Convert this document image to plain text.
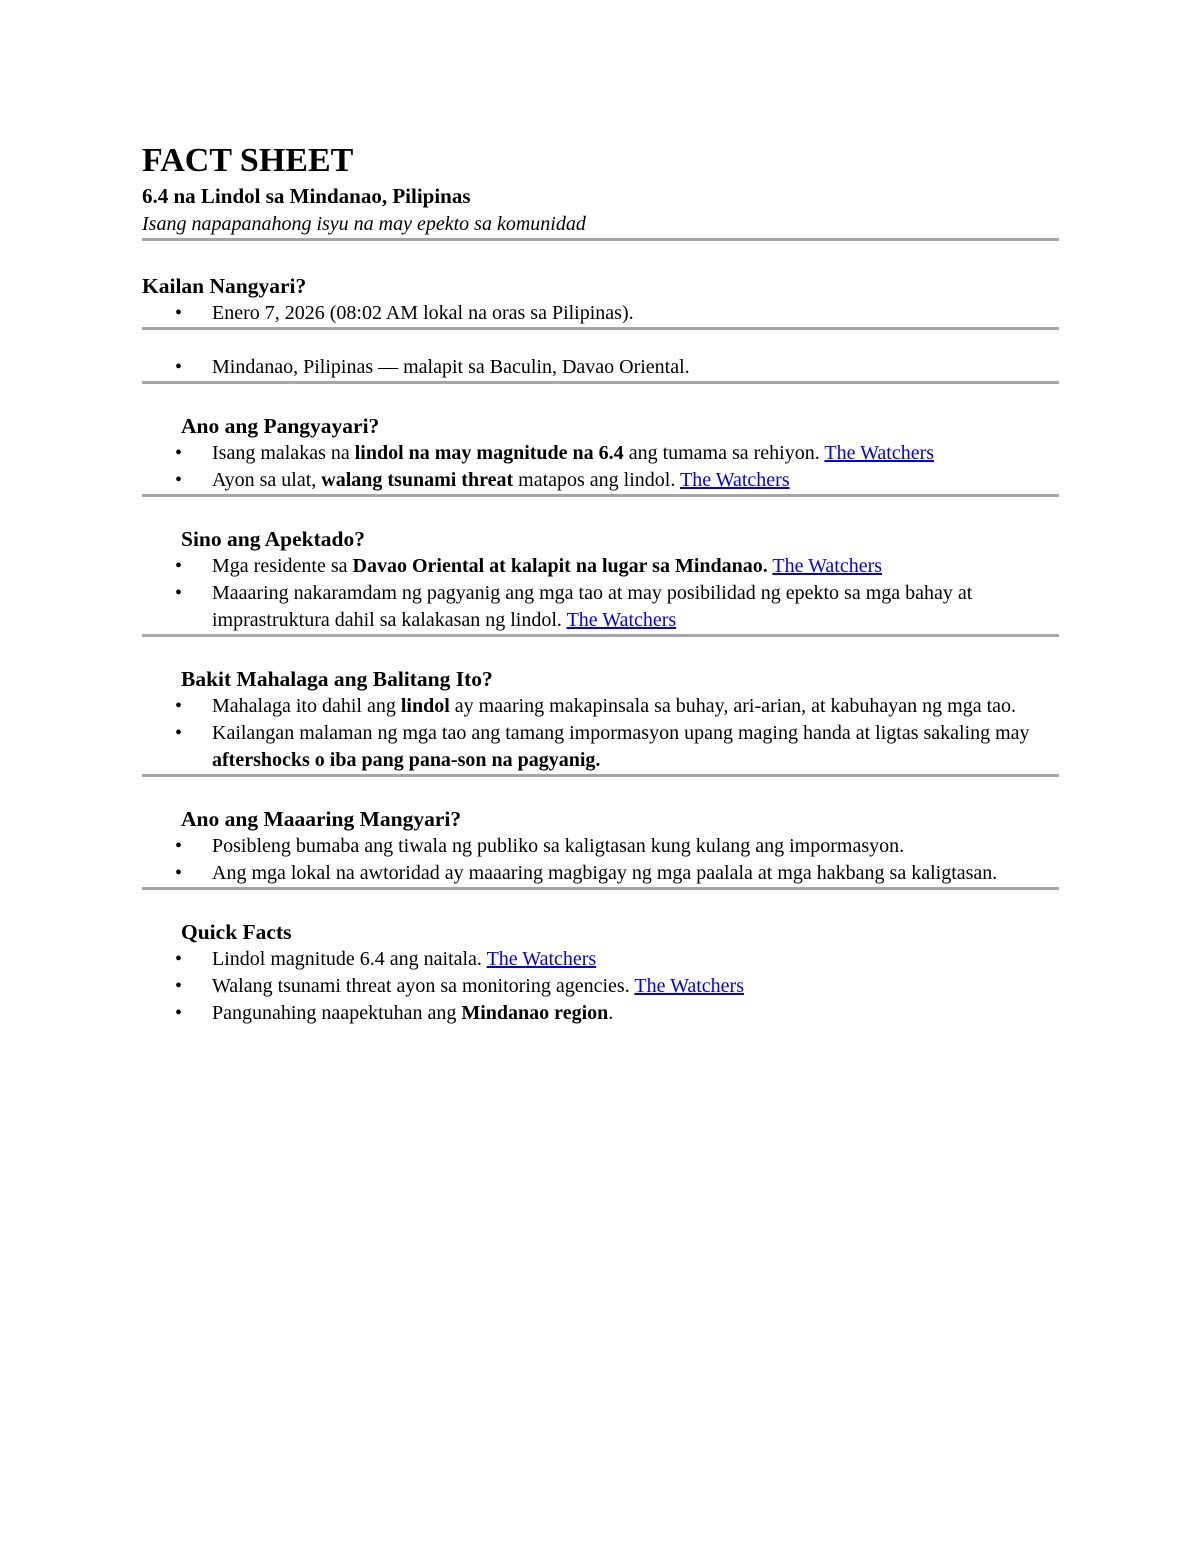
FACT SHEET
6.4 na Lindol sa Mindanao, Pilipinas
Isang napapanahong isyu na may epekto sa komunidad
Kailan Nangyari?
• Enero 7, 2026 (08:02 AM lokal na oras sa Pilipinas).
• Mindanao, Pilipinas — malapit sa Baculin, Davao Oriental.
Ano ang Pangyayari?
• Isang malakas na lindol na may magnitude na 6.4 ang tumama sa rehiyon. The Watchers
• Ayon sa ulat, walang tsunami threat matapos ang lindol. The Watchers
Sino ang Apektado?
• Mga residente sa Davao Oriental at kalapit na lugar sa Mindanao. The Watchers
• Maaaring nakaramdam ng pagyanig ang mga tao at may posibilidad ng epekto sa mga bahay at imprastruktura dahil sa kalakasan ng lindol. The Watchers
Bakit Mahalaga ang Balitang Ito?
• Mahalaga ito dahil ang lindol ay maaring makapinsala sa buhay, ari-arian, at kabuhayan ng mga tao.
• Kailangan malaman ng mga tao ang tamang impormasyon upang maging handa at ligtas sakaling may aftershocks o iba pang pana-son na pagyanig.
Ano ang Maaaring Mangyari?
• Posibleng bumaba ang tiwala ng publiko sa kaligtasan kung kulang ang impormasyon.
• Ang mga lokal na awtoridad ay maaaring magbigay ng mga paalala at mga hakbang sa kaligtasan.
Quick Facts
• Lindol magnitude 6.4 ang naitala. The Watchers
• Walang tsunami threat ayon sa monitoring agencies. The Watchers
• Pangunahing naapektuhan ang Mindanao region.
